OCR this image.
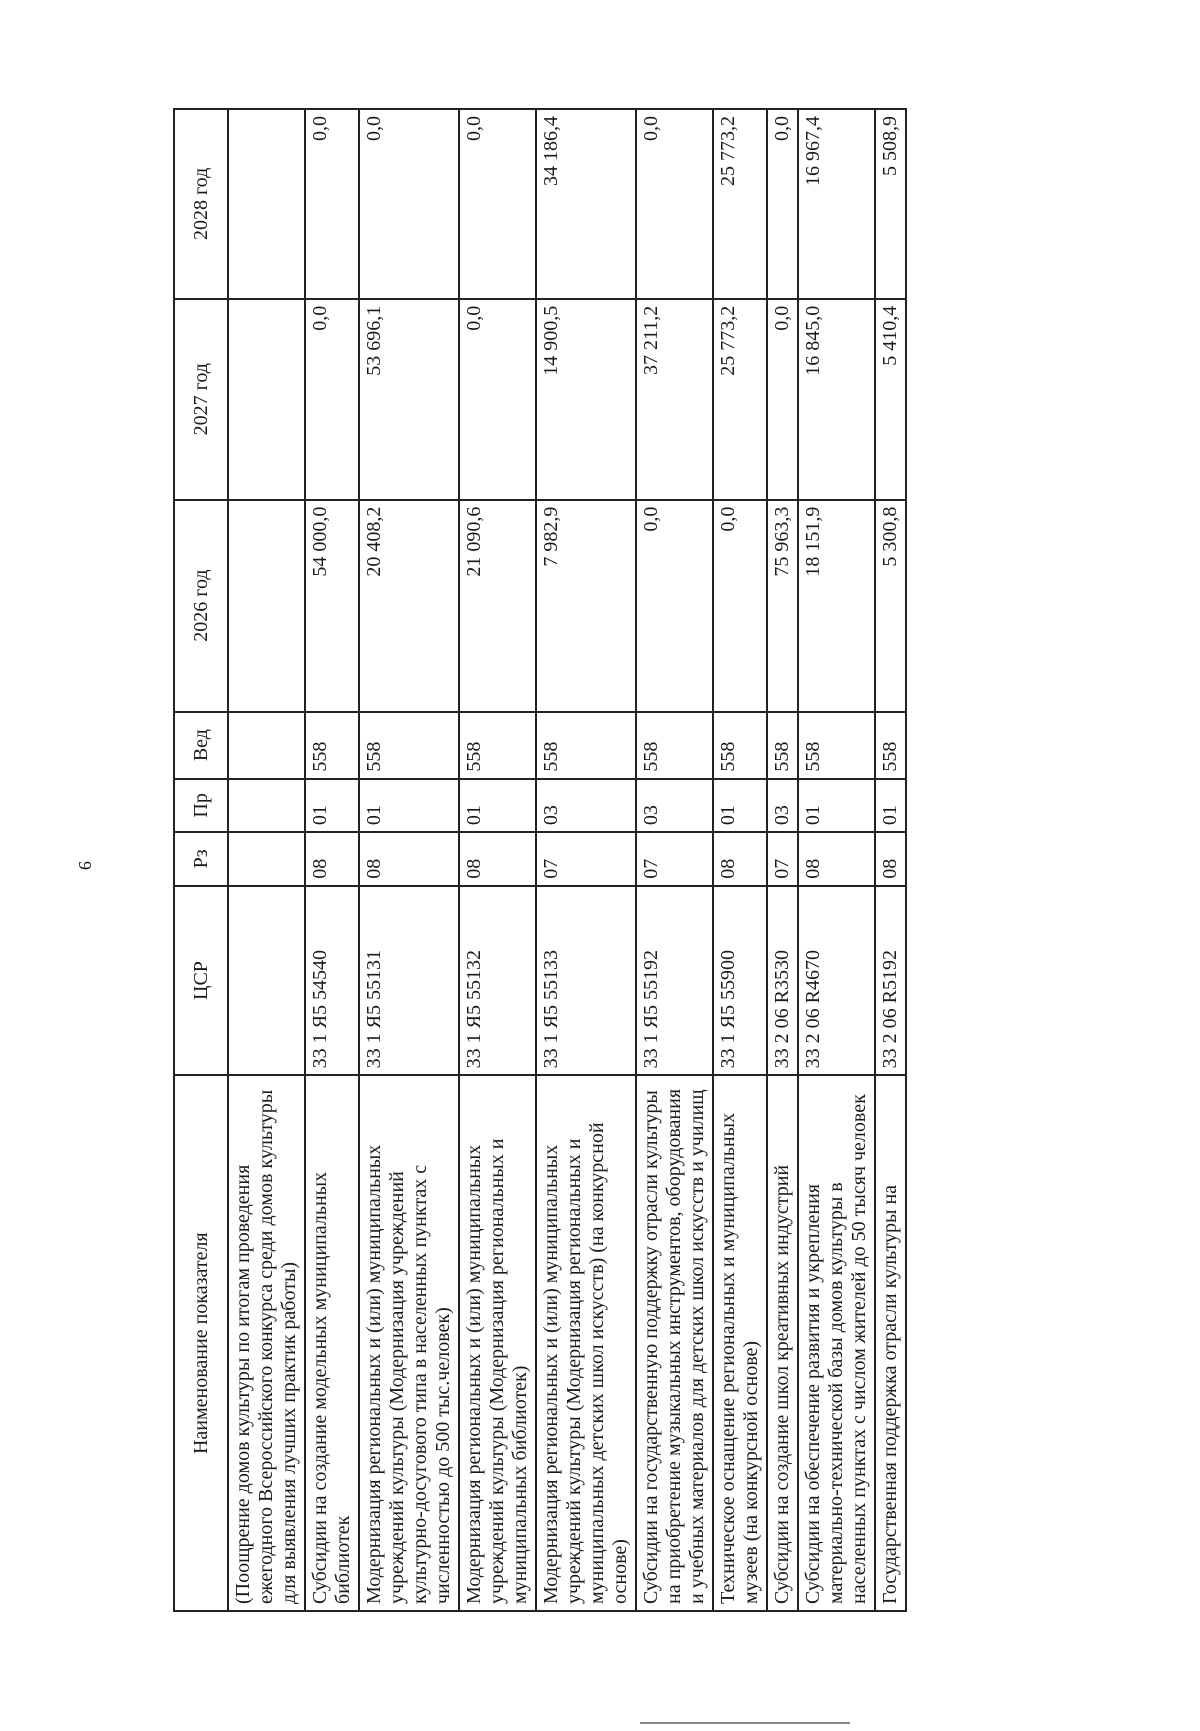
9
Наименование показателя	ЦСР	Рз	Пр	Вед	2026 год	2027 год	2028 год
(Поощрение домов культуры по итогам проведения ежегодного Всероссийского конкурса среди домов культуры для выявления лучших практик работы)							
Субсидии на создание модельных муниципальных библиотек	33 1 Я5 54540	08	01	558	54 000,0	0,0	0,0
Модернизация региональных и (или) муниципальных учреждений культуры (Модернизация учреждений культурно-досугового типа в населенных пунктах с численностью до 500 тыс.человек)	33 1 Я5 55131	08	01	558	20 408,2	53 696,1	0,0
Модернизация региональных и (или) муниципальных учреждений культуры (Модернизация региональных и муниципальных библиотек)	33 1 Я5 55132	08	01	558	21 090,6	0,0	0,0
Модернизация региональных и (или) муниципальных учреждений культуры (Модернизация региональных и муниципальных детских школ искусств) (на конкурсной основе)	33 1 Я5 55133	07	03	558	7 982,9	14 900,5	34 186,4
Субсидии на государственную поддержку отрасли культуры на приобретение музыкальных инструментов, оборудования и учебных материалов для детских школ искусств и училищ	33 1 Я5 55192	07	03	558	0,0	37 211,2	0,0
Техническое оснащение региональных и муниципальных музеев (на конкурсной основе)	33 1 Я5 55900	08	01	558	0,0	25 773,2	25 773,2
Субсидии на создание школ креативных индустрий	33 2 06 R3530	07	03	558	75 963,3	0,0	0,0
Субсидии на обеспечение развития и укрепления материально-технической базы домов культуры в населенных пунктах с числом жителей до 50 тысяч человек	33 2 06 R4670	08	01	558	18 151,9	16 845,0	16 967,4
Государственная поддержка отрасли культуры на	33 2 06 R5192	08	01	558	5 300,8	5 410,4	5 508,9
